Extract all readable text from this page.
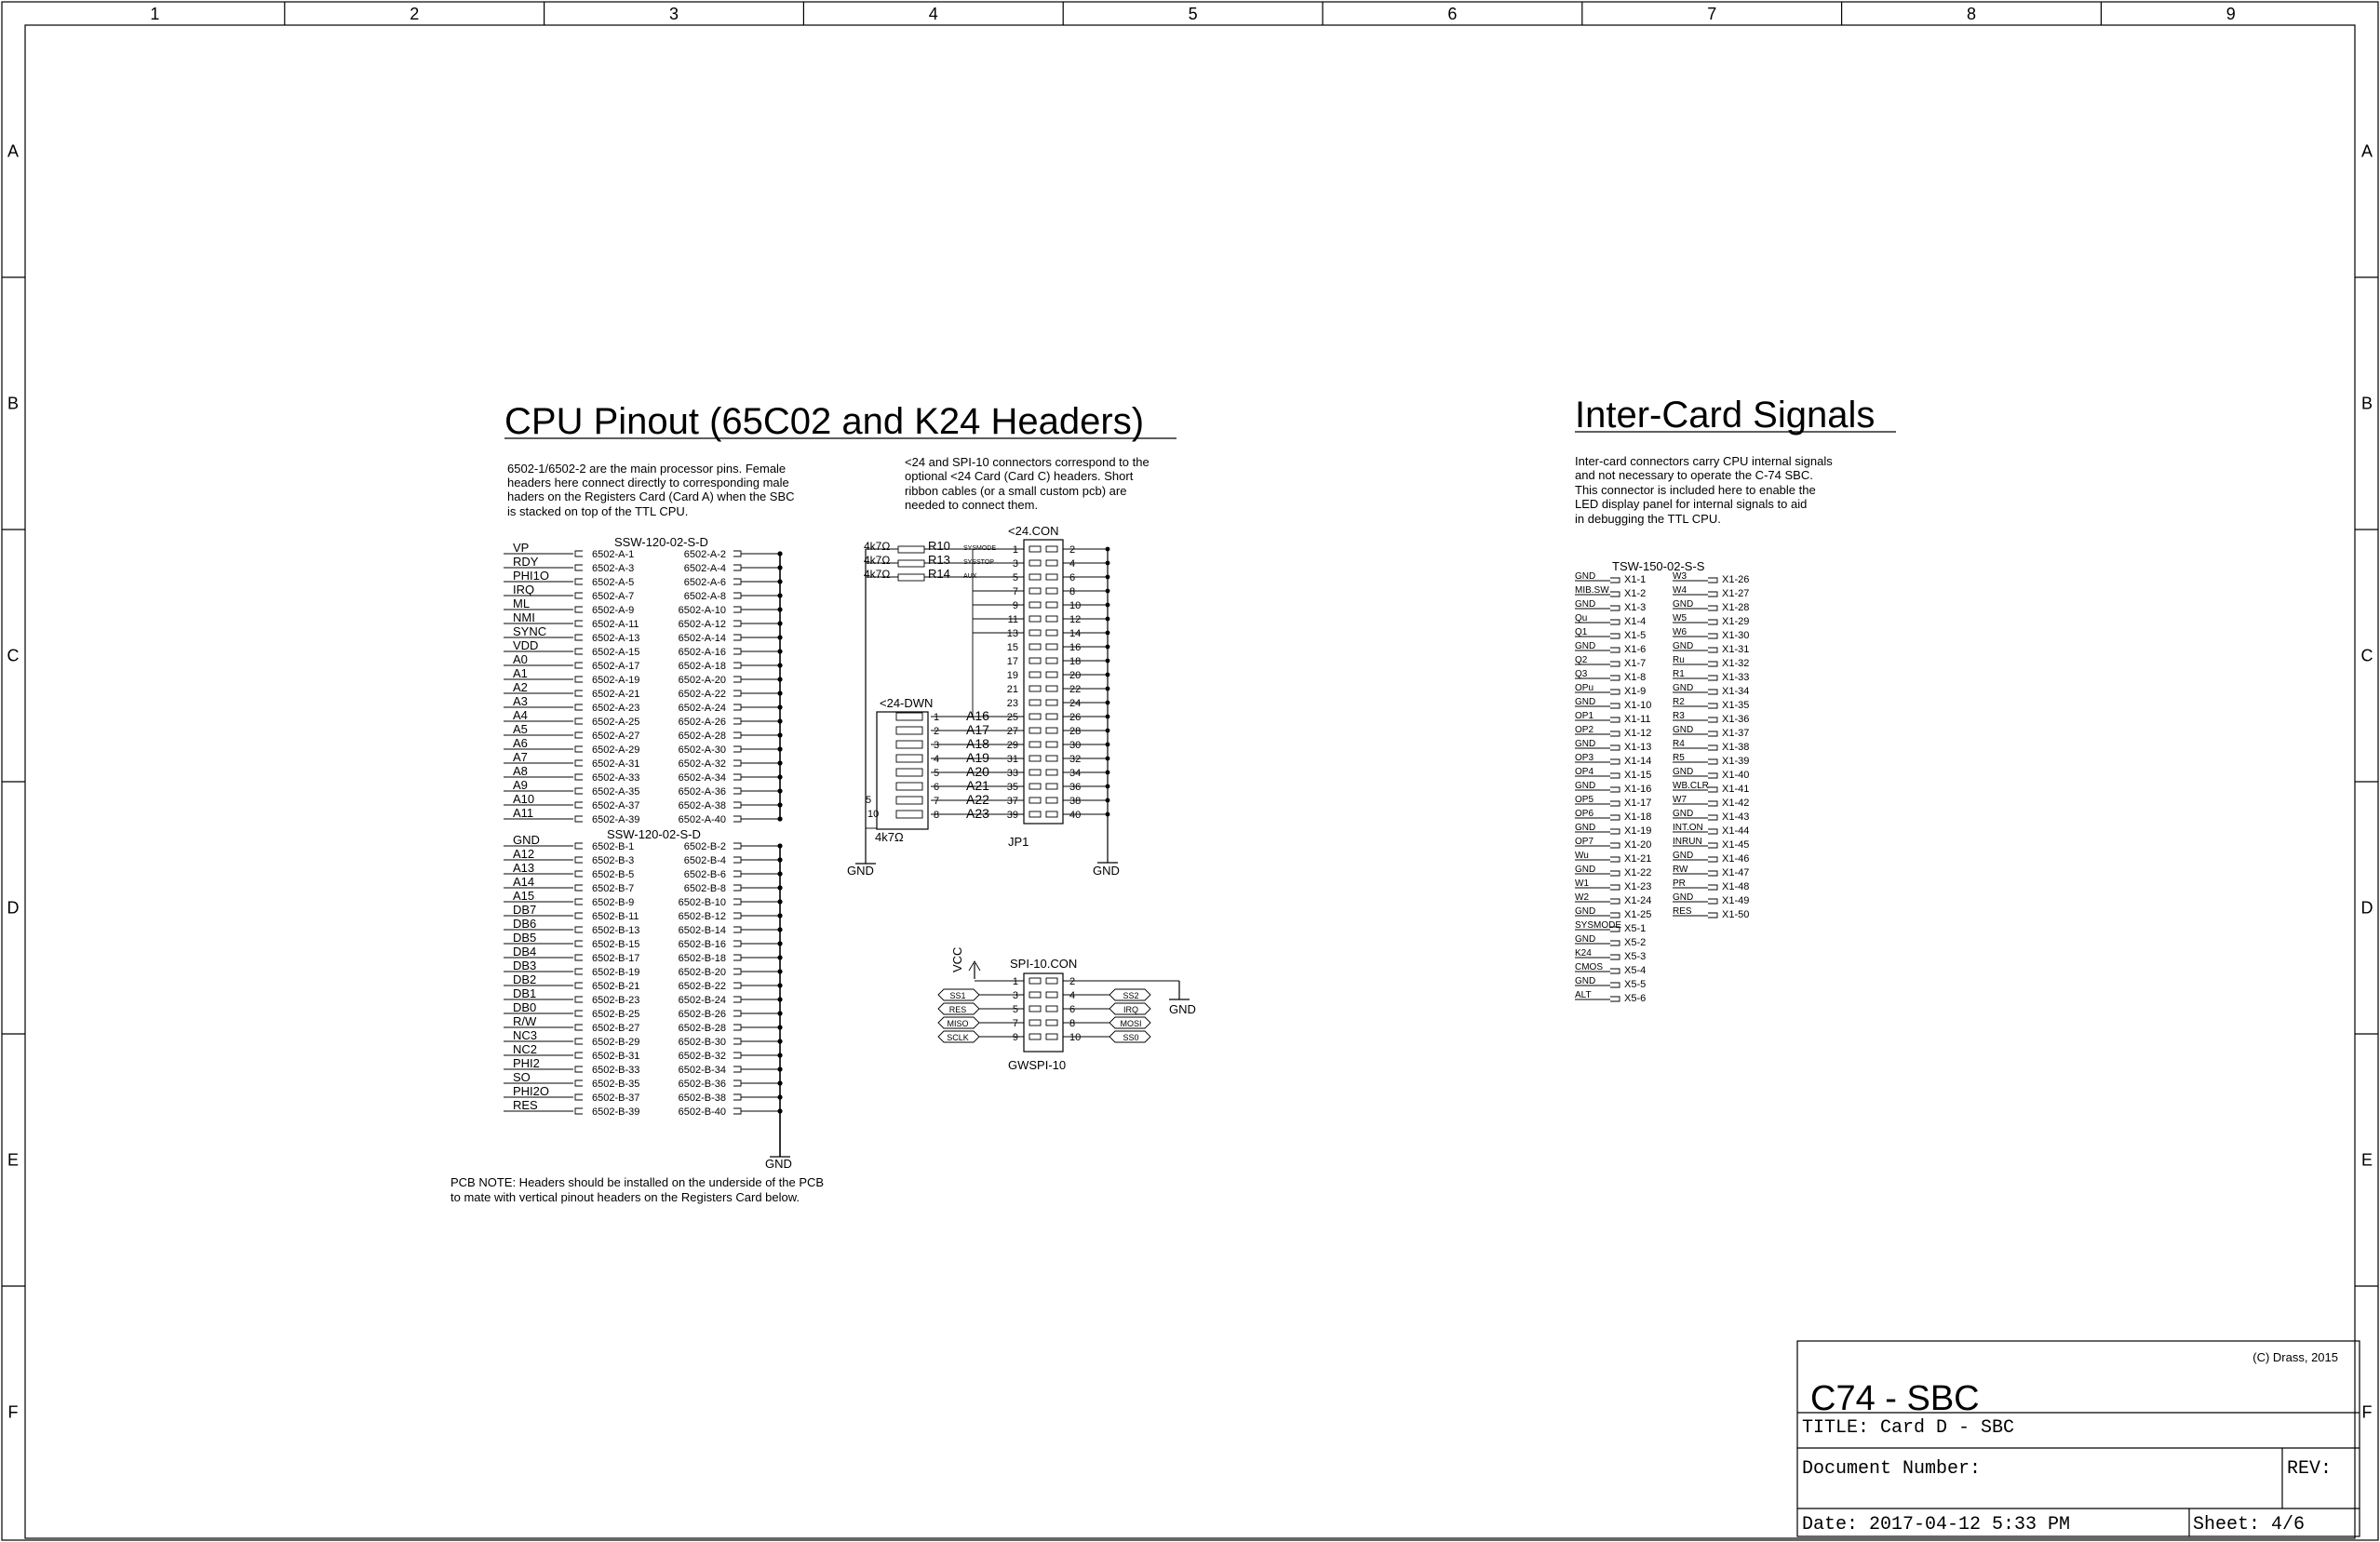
1	2	3	4	5	6	7	8	9
A	A
B	B
C	C
D	D
E	E
F	F
CPU Pinout (65C02 and K24 Headers)
6502-1/6502-2 are the main processor pins. Female
headers here connect directly to corresponding male
haders on the Registers Card (Card A) when the SBC
is stacked on top of the TTL CPU.
SSW-120-02-S-D
SSW-120-02-S-D
GND
PCB NOTE: Headers should be installed on the underside of the PCB
to mate with vertical pinout headers on the Registers Card below.
VP	6502-A-1	6502-A-2
RDY	6502-A-3	6502-A-4
PHI1O	6502-A-5	6502-A-6
IRQ	6502-A-7	6502-A-8
ML	6502-A-9	6502-A-10
NMI	6502-A-11	6502-A-12
SYNC	6502-A-13	6502-A-14
VDD	6502-A-15	6502-A-16
A0	6502-A-17	6502-A-18
A1	6502-A-19	6502-A-20
A2	6502-A-21	6502-A-22
A3	6502-A-23	6502-A-24
A4	6502-A-25	6502-A-26
A5	6502-A-27	6502-A-28
A6	6502-A-29	6502-A-30
A7	6502-A-31	6502-A-32
A8	6502-A-33	6502-A-34
A9	6502-A-35	6502-A-36
A10	6502-A-37	6502-A-38
A11	6502-A-39	6502-A-40
GND	6502-B-1	6502-B-2
A12	6502-B-3	6502-B-4
A13	6502-B-5	6502-B-6
A14	6502-B-7	6502-B-8
A15	6502-B-9	6502-B-10
DB7	6502-B-11	6502-B-12
DB6	6502-B-13	6502-B-14
DB5	6502-B-15	6502-B-16
DB4	6502-B-17	6502-B-18
DB3	6502-B-19	6502-B-20
DB2	6502-B-21	6502-B-22
DB1	6502-B-23	6502-B-24
DB0	6502-B-25	6502-B-26
R/W	6502-B-27	6502-B-28
NC3	6502-B-29	6502-B-30
NC2	6502-B-31	6502-B-32
PHI2	6502-B-33	6502-B-34
SO	6502-B-35	6502-B-36
PHI2O	6502-B-37	6502-B-38
RES	6502-B-39	6502-B-40
<24 and SPI-10 connectors correspond to the
optional <24 Card (Card C) headers. Short
ribbon cables (or a small custom pcb) are
needed to connect them.
<24.CON
JP1
<24-DWN
4k7Ω
5
10
GND	GND
1	2
3	4
5	6
7	8
9	10
11	12
13	14
15	16
17	18
19	20
21	22
23	24
25	26
27	28
29	30
31	32
33	34
35	36
37	38
39	40
4k7Ω	R10 SYSMODE
4k7Ω	R13 SYSSTOP
4k7Ω	R14 AUX
1 A16
2 A17
3 A18
4 A19
5 A20
6 A21
7 A22
8 A23
SPI-10.CON
GWSPI-10
VCC
GND
1	2
3	4
5	6
7	8
9	10
SS1
RES
MISO
SCLK
SS2
IRQ
MOSI
SS0
Inter-Card Signals
Inter-card connectors carry CPU internal signals
and not necessary to operate the C-74 SBC.
This connector is included here to enable the
LED display panel for internal signals to aid
in debugging the TTL CPU.
TSW-150-02-S-S
GND	X1-1
MIB.SW X1-2
GND	X1-3
Qu	X1-4
Q1	X1-5
GND	X1-6
Q2	X1-7
Q3	X1-8
OPu	X1-9
GND	X1-10
OP1	X1-11
OP2	X1-12
GND	X1-13
OP3	X1-14
OP4	X1-15
GND	X1-16
OP5	X1-17
OP6	X1-18
GND	X1-19
OP7	X1-20
Wu	X1-21
GND	X1-22
W1	X1-23
W2	X1-24
GND	X1-25
SYSMODE X5-1
GND	X5-2
K24	X5-3
CMOS X5-4
GND	X5-5
ALT	X5-6
W3	X1-26
W4	X1-27
GND	X1-28
W5	X1-29
W6	X1-30
GND	X1-31
Ru	X1-32
R1	X1-33
GND	X1-34
R2	X1-35
R3	X1-36
GND	X1-37
R4	X1-38
R5	X1-39
GND	X1-40
WB.CLR X1-41
W7	X1-42
GND	X1-43
INT.ON X1-44
INRUN X1-45
GND	X1-46
RW	X1-47
PR	X1-48
GND	X1-49
RES	X1-50
(C) Drass, 2015
C74 - SBC
TITLE: Card D - SBC
Document Number:	REV:
Date: 2017-04-12 5:33 PM	Sheet: 4/6
